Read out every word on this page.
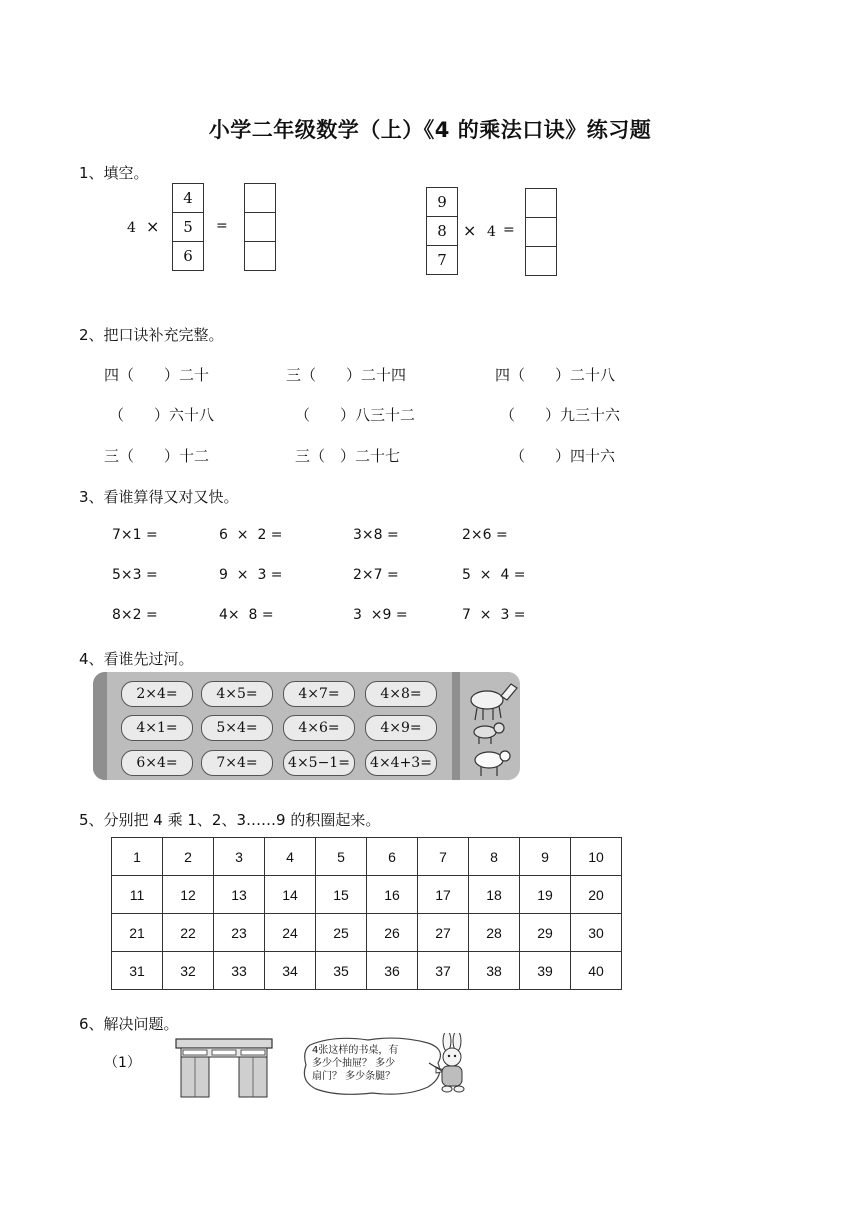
小学二年级数学（上）《4 的乘法口诀》练习题
1、填空。
4 ×
4
5
6
=
9
8
7
× 4 =
2、把口诀补充完整。
四（　　）二十	三（　　）二十四	四（　　）二十八
（　　）六十八	（　　）八三十二	（　　）九三十六
三（　　）十二	三（　）二十七	（　　）四十六
3、看谁算得又对又快。
7×1 =	6  ×  2 =	3×8 =	2×6 =
5×3 =	9  ×  3 =	2×7 =	5  ×  4 =
8×2 =	4×  8 =	3  ×9 =	7  ×  3 =
4、看谁先过河。
2×4=	4×5=	4×7=	4×8=
4×1=	5×4=	4×6=	4×9=
6×4=	7×4=	4×5−1=	4×4+3=
5、分别把 4 乘 1、2、3……9 的积圈起来。
1	2	3	4	5	6	7	8	9	10
11	12	13	14	15	16	17	18	19	20
21	22	23	24	25	26	27	28	29	30
31	32	33	34	35	36	37	38	39	40
6、解决问题。
（1）
4张这样的书桌，有
多少个抽屉？ 多少
扇门？ 多少条腿？
